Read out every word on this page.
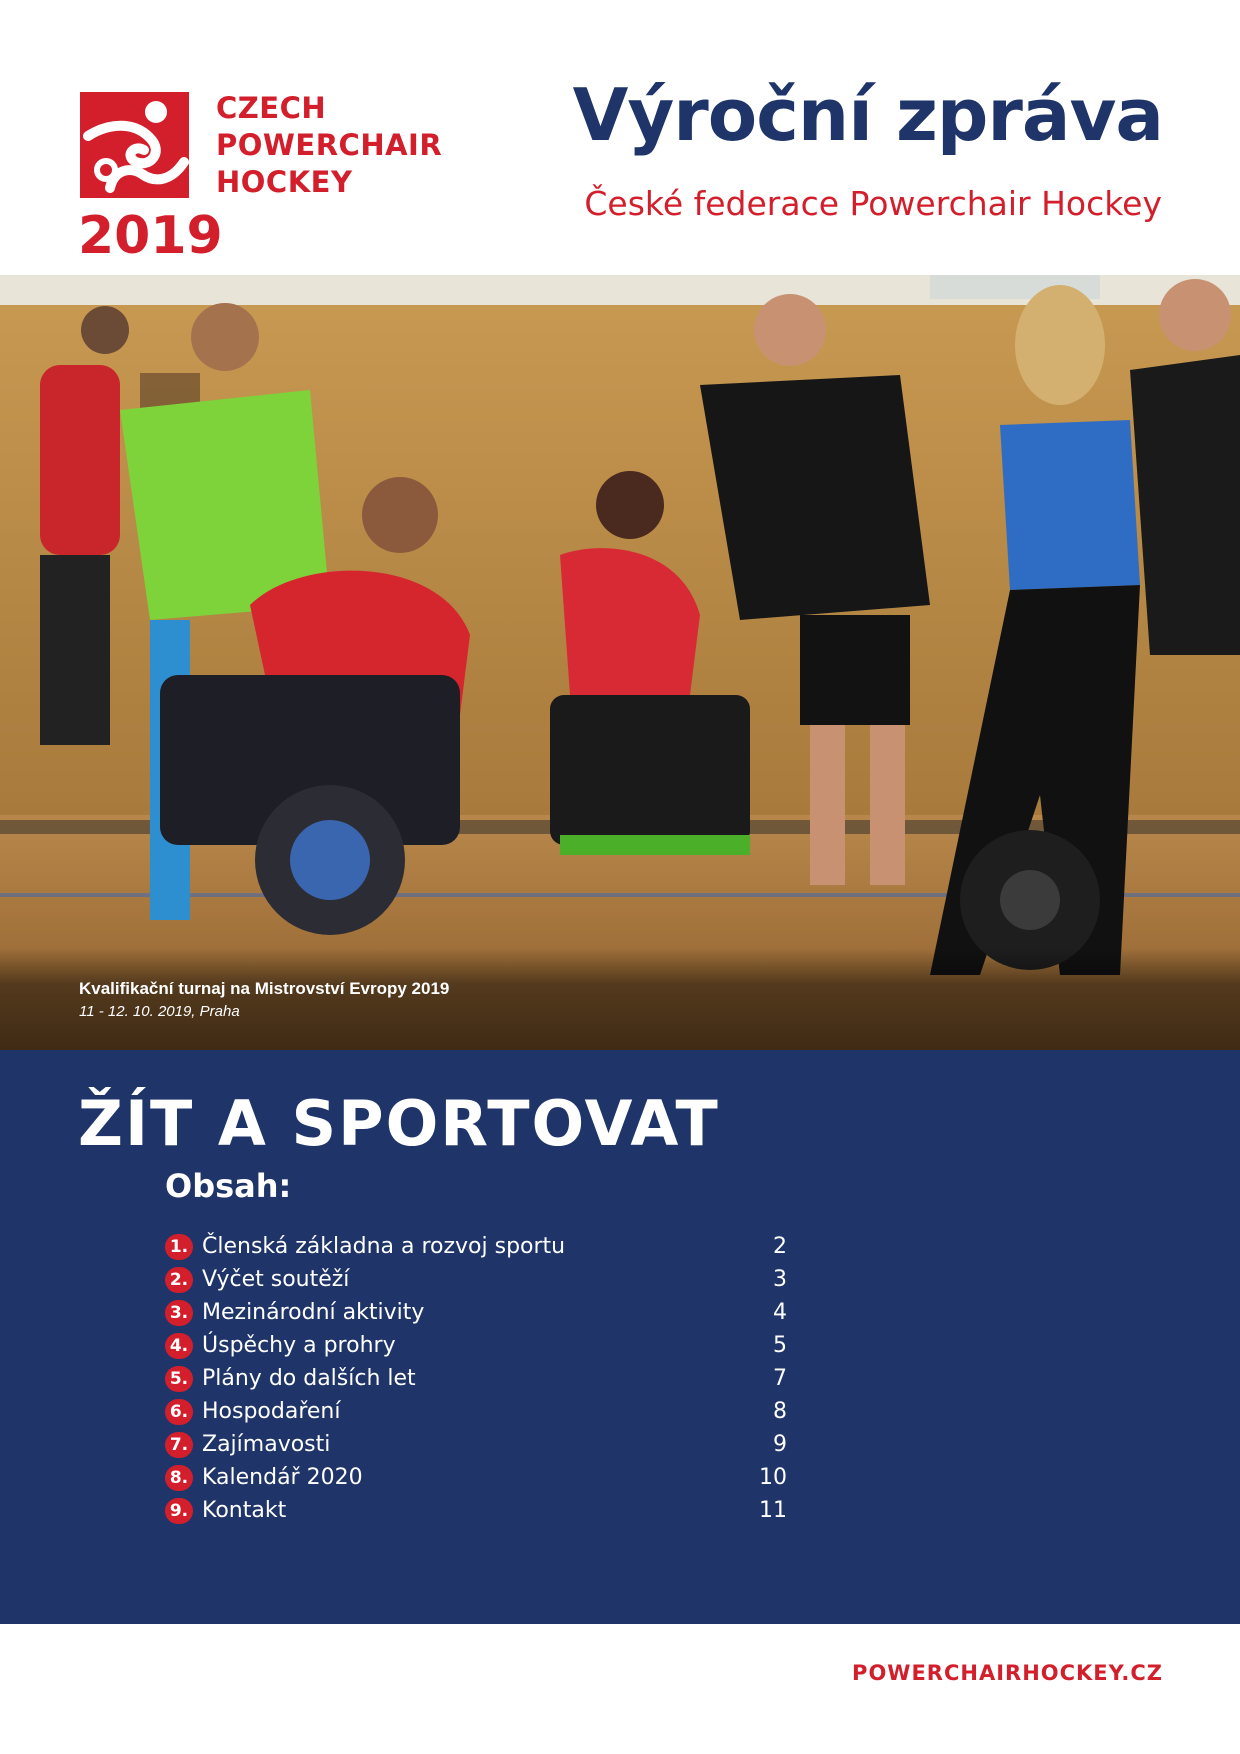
CZECH
POWERCHAIR
HOCKEY
2019
Výroční zpráva
České federace Powerchair Hockey
Kvalifikační turnaj na Mistrovství Evropy 2019
11 - 12. 10. 2019, Praha
ŽÍT A SPORTOVAT
Obsah:
1. Členská základna a rozvoj sportu	2
2. Výčet soutěží	3
3. Mezinárodní aktivity	4
4. Úspěchy a prohry	5
5. Plány do dalších let	7
6. Hospodaření	8
7. Zajímavosti	9
8. Kalendář 2020	10
9. Kontakt	11
POWERCHAIRHOCKEY.CZ
